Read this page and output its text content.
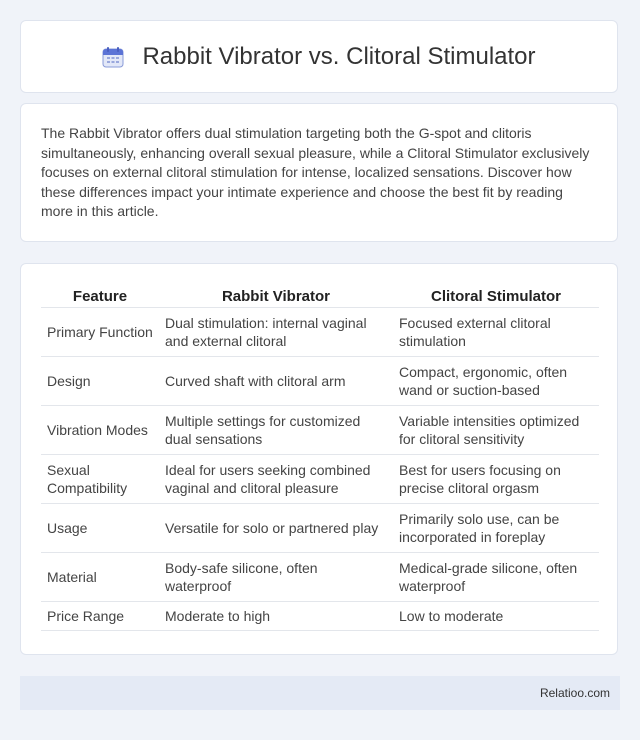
Rabbit Vibrator vs. Clitoral Stimulator

The Rabbit Vibrator offers dual stimulation targeting both the G-spot and clitoris simultaneously, enhancing overall sexual pleasure, while a Clitoral Stimulator exclusively focuses on external clitoral stimulation for intense, localized sensations. Discover how these differences impact your intimate experience and choose the best fit by reading more in this article.

Feature	Rabbit Vibrator	Clitoral Stimulator
Primary Function	Dual stimulation: internal vaginal and external clitoral	Focused external clitoral stimulation
Design	Curved shaft with clitoral arm	Compact, ergonomic, often wand or suction-based
Vibration Modes	Multiple settings for customized dual sensations	Variable intensities optimized for clitoral sensitivity
Sexual Compatibility	Ideal for users seeking combined vaginal and clitoral pleasure	Best for users focusing on precise clitoral orgasm
Usage	Versatile for solo or partnered play	Primarily solo use, can be incorporated in foreplay
Material	Body-safe silicone, often waterproof	Medical-grade silicone, often waterproof
Price Range	Moderate to high	Low to moderate
Relatioo.com
